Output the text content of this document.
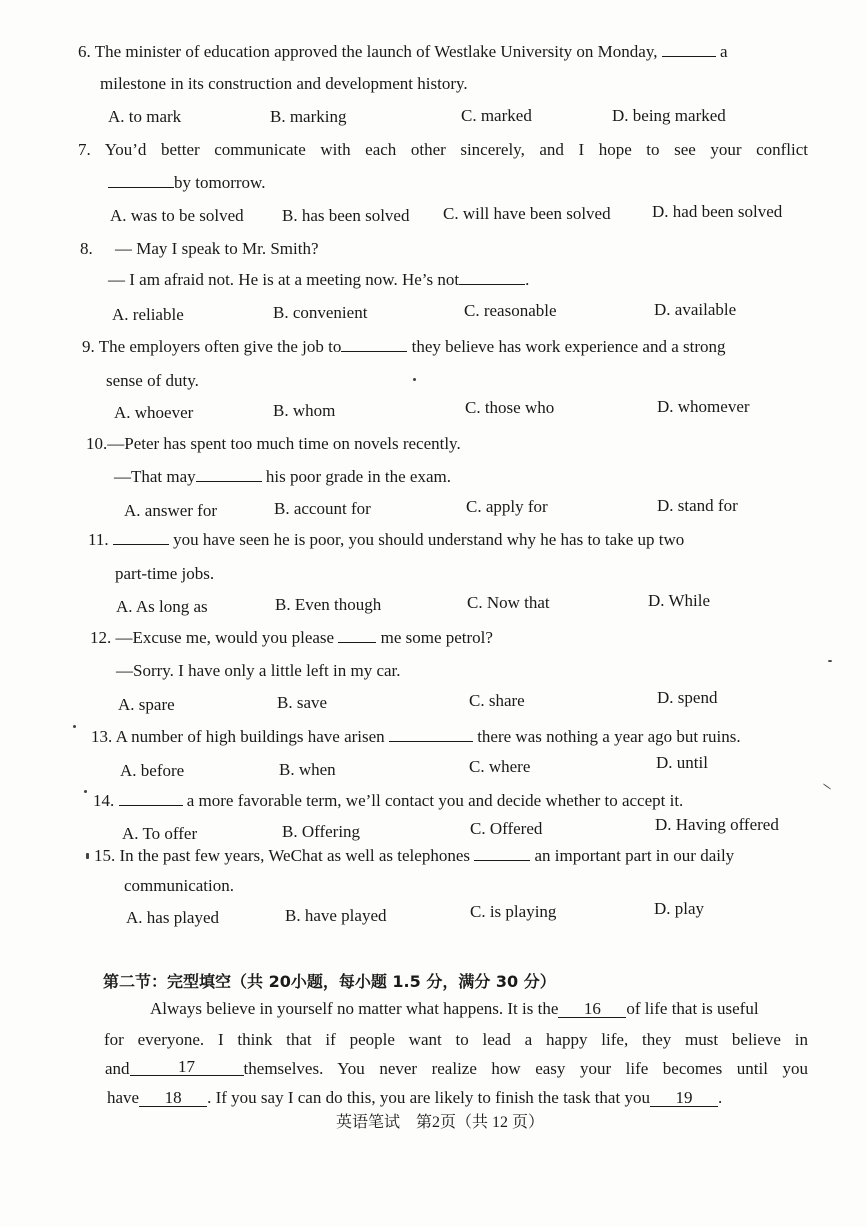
6. The minister of education approved the launch of Westlake University on Monday,	a
milestone in its construction and development history.
A. to mark	B. marking	C. marked	D. being marked
7. You’d better communicate with each other sincerely, and I hope to see your conflict
by tomorrow.
A. was to be solved B. has been solved C. will have been solved D. had been solved
8. — May I speak to Mr. Smith?
— I am afraid not. He is at a meeting now. He’s not	.
A. reliable	B. convenient	C. reasonable	D. available
9. The employers often give the job to	they believe has work experience and a strong
sense of duty.
A. whoever	B. whom	C. those who	D. whomever
10.—Peter has spent too much time on novels recently.
—That may	his poor grade in the exam.
A. answer for	B. account for	C. apply for	D. stand for
11.	you have seen he is poor, you should understand why he has to take up two
part-time jobs.
A. As long as	B. Even though	C. Now that	D. While
12. —Excuse me, would you please	me some petrol?
—Sorry. I have only a little left in my car.
A. spare	B. save	C. share	D. spend
13. A number of high buildings have arisen	there was nothing a year ago but ruins.
A. before	B. when	C. where	D. until
14.	a more favorable term, we’ll contact you and decide whether to accept it.
A. To offer	B. Offering	C. Offered	D. Having offered
15. In the past few years, WeChat as well as telephones	an important part in our daily
communication.
A. has played	B. have played	C. is playing	D. play
第二节：完型填空（共 20小题，每小题 1.5 分，满分 30 分）
Always believe in yourself no matter what happens. It is the 16 of life that is useful
for everyone. I think that if people want to lead a happy life, they must believe in
and	17	themselves. You never realize how easy your life becomes until you
have 18 . If you say I can do this, you are likely to finish the task that you 19 .
英语笔试　第2页（共 12 页）
